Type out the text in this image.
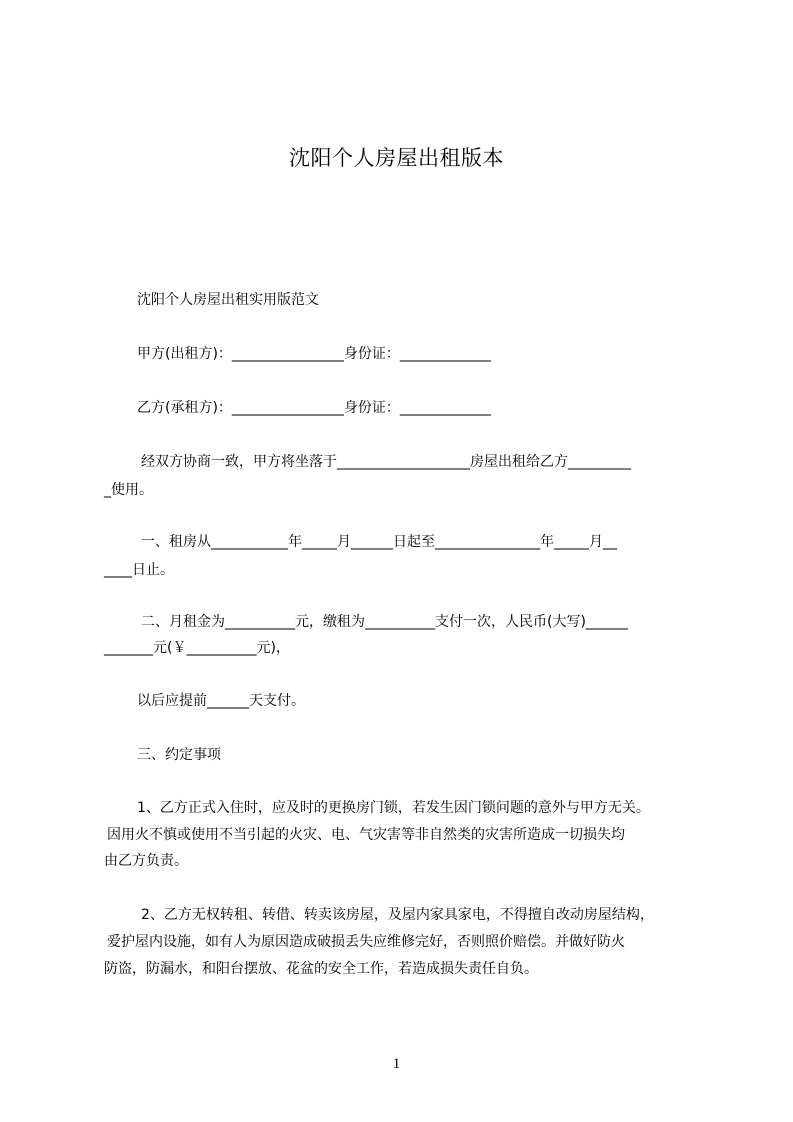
沈阳个人房屋出租版本
沈阳个人房屋出租实用版范文
甲方(出租方)：________________身份证：_____________
乙方(承租方)：________________身份证：_____________
经双方协商一致，甲方将坐落于___________________房屋出租给乙方_________
_使用。
一、租房从___________年_____月______日起至_______________年_____月__
____日止。
二、月租金为__________元，缴租为__________支付一次，人民币(大写)______
_______元(￥__________元)，
以后应提前______天支付。
三、约定事项
1、乙方正式入住时，应及时的更换房门锁，若发生因门锁问题的意外与甲方无关。
因用火不慎或使用不当引起的火灾、电、气灾害等非自然类的灾害所造成一切损失均
由乙方负责。
2、乙方无权转租、转借、转卖该房屋，及屋内家具家电，不得擅自改动房屋结构，
爱护屋内设施，如有人为原因造成破损丢失应维修完好，否则照价赔偿。并做好防火
防盗，防漏水，和阳台摆放、花盆的安全工作，若造成损失责任自负。
1
